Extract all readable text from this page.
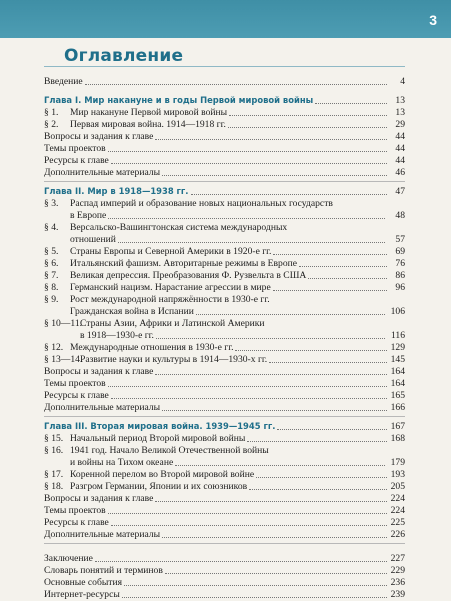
3
Оглавление
Введение	4
Глава I. Мир накануне и в годы Первой мировой войны	13
§ 1.	Мир накануне Первой мировой войны	13
§ 2.	Первая мировая война. 1914—1918 гг.	29
Вопросы и задания к главе	44
Темы проектов	44
Ресурсы к главе	44
Дополнительные материалы	46
Глава II. Мир в 1918—1938 гг.	47
§ 3.	Распад империй и образование новых национальных государств
в Европе	48
§ 4.	Версальско-Вашингтонская система международных
отношений	57
§ 5.	Страны Европы и Северной Америки в 1920-е гг.	69
§ 6.	Итальянский фашизм. Авторитарные режимы в Европе	76
§ 7.	Великая депрессия. Преобразования Ф. Рузвельта в США	86
§ 8.	Германский нацизм. Нарастание агрессии в мире	96
§ 9.	Рост международной напряжённости в 1930-е гг.
Гражданская война в Испании	106
§ 10—11.
Страны Азии, Африки и Латинской Америки
в 1918—1930-е гг.	116
§ 12. Международные отношения в 1930-е гг.	129
§ 13—14.
Развитие науки и культуры в 1914—1930-х гг.	145
Вопросы и задания к главе	164
Темы проектов	164
Ресурсы к главе	165
Дополнительные материалы	166
Глава III. Вторая мировая война. 1939—1945 гг.	167
§ 15. Начальный период Второй мировой войны	168
§ 16. 1941 год. Начало Великой Отечественной войны
и войны на Тихом океане	179
§ 17. Коренной перелом во Второй мировой войне	193
§ 18. Разгром Германии, Японии и их союзников	205
Вопросы и задания к главе	224
Темы проектов	224
Ресурсы к главе	225
Дополнительные материалы	226
Заключение	227
Словарь понятий и терминов	229
Основные события	236
Интернет-ресурсы	239
